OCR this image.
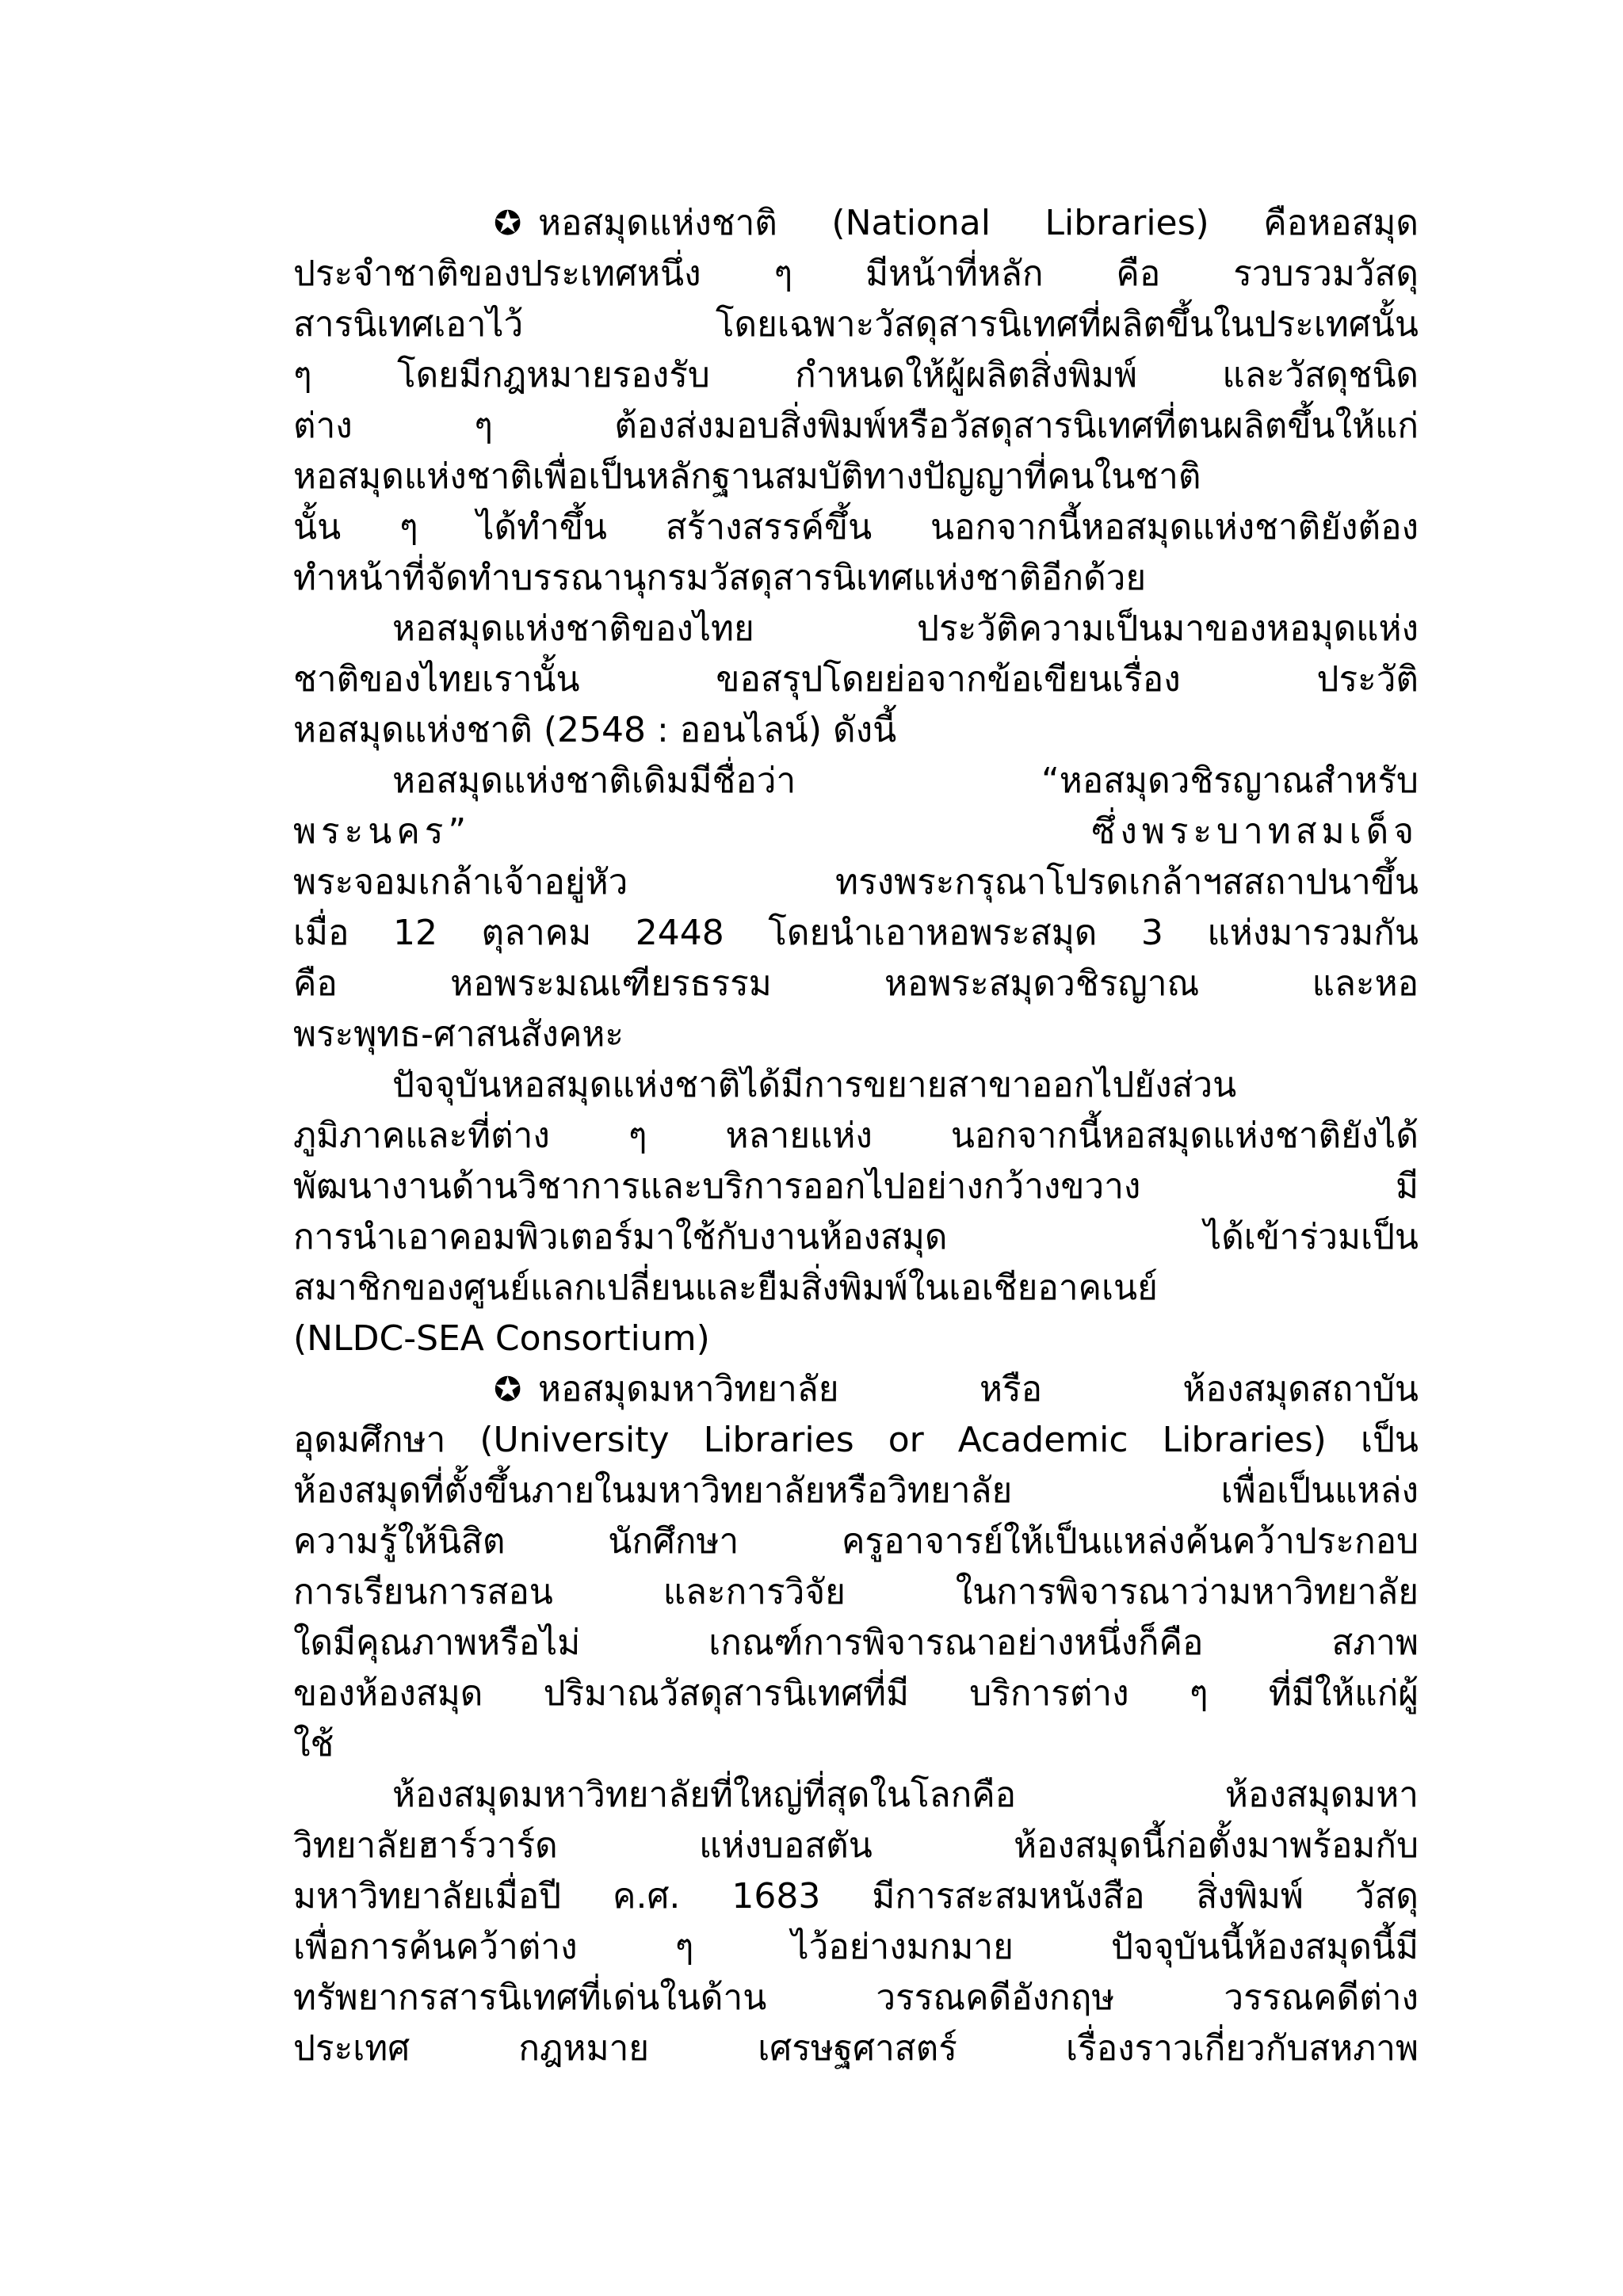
✪ หอสมุดแห่งชาติ (National Libraries) คือหอสมุด
ประจำชาติของประเทศหนึ่ง ๆ มีหน้าที่หลัก คือ รวบรวมวัสดุ
สารนิเทศเอาไว้ โดยเฉพาะวัสดุสารนิเทศที่ผลิตขึ้นในประเทศนั้น
ๆ โดยมีกฎหมายรองรับ กำหนดให้ผู้ผลิตสิ่งพิมพ์ และวัสดุชนิด
ต่าง ๆ ต้องส่งมอบสิ่งพิมพ์หรือวัสดุสารนิเทศที่ตนผลิตขึ้นให้แก่
หอสมุดแห่งชาติเพื่อเป็นหลักฐานสมบัติทางปัญญาที่คนในชาติ
นั้น ๆ ได้ทำขึ้น สร้างสรรค์ขึ้น นอกจากนี้หอสมุดแห่งชาติยังต้อง
ทำหน้าที่จัดทำบรรณานุกรมวัสดุสารนิเทศแห่งชาติอีกด้วย
หอสมุดแห่งชาติของไทย ประวัติความเป็นมาของหอมุดแห่ง
ชาติของไทยเรานั้น ขอสรุปโดยย่อจากข้อเขียนเรื่อง ประวัติ
หอสมุดแห่งชาติ (2548 : ออนไลน์) ดังนี้
หอสมุดแห่งชาติเดิมมีชื่อว่า “หอสมุดวชิรญาณสำหรับ
พระนคร” ซึ่งพระบาทสมเด็จ
พระจอมเกล้าเจ้าอยู่หัว ทรงพระกรุณาโปรดเกล้าฯสสถาปนาขึ้น
เมื่อ 12 ตุลาคม 2448 โดยนำเอาหอพระสมุด 3 แห่งมารวมกัน
คือ หอพระมณเฑียรธรรม หอพระสมุดวชิรญาณ และหอ
พระพุทธ-ศาสนสังคหะ
ปัจจุบันหอสมุดแห่งชาติได้มีการขยายสาขาออกไปยังส่วน
ภูมิภาคและที่ต่าง ๆ หลายแห่ง นอกจากนี้หอสมุดแห่งชาติยังได้
พัฒนางานด้านวิชาการและบริการออกไปอย่างกว้างขวาง มี
การนำเอาคอมพิวเตอร์มาใช้กับงานห้องสมุด ได้เข้าร่วมเป็น
สมาชิกของศูนย์แลกเปลี่ยนและยืมสิ่งพิมพ์ในเอเชียอาคเนย์
(NLDC-SEA Consortium)
✪ หอสมุดมหาวิทยาลัย หรือ ห้องสมุดสถาบัน
อุดมศึกษา (University Libraries or Academic Libraries) เป็น
ห้องสมุดที่ตั้งขึ้นภายในมหาวิทยาลัยหรือวิทยาลัย เพื่อเป็นแหล่ง
ความรู้ให้นิสิต นักศึกษา ครูอาจารย์ให้เป็นแหล่งค้นคว้าประกอบ
การเรียนการสอน และการวิจัย ในการพิจารณาว่ามหาวิทยาลัย
ใดมีคุณภาพหรือไม่ เกณฑ์การพิจารณาอย่างหนึ่งก็คือ สภาพ
ของห้องสมุด ปริมาณวัสดุสารนิเทศที่มี บริการต่าง ๆ ที่มีให้แก่ผู้
ใช้
ห้องสมุดมหาวิทยาลัยที่ใหญ่ที่สุดในโลกคือ ห้องสมุดมหา
วิทยาลัยฮาร์วาร์ด แห่งบอสตัน ห้องสมุดนี้ก่อตั้งมาพร้อมกับ
มหาวิทยาลัยเมื่อปี ค.ศ. 1683 มีการสะสมหนังสือ สิ่งพิมพ์ วัสดุ
เพื่อการค้นคว้าต่าง ๆ ไว้อย่างมกมาย ปัจจุบันนี้ห้องสมุดนี้มี
ทรัพยากรสารนิเทศที่เด่นในด้าน วรรณคดีอังกฤษ วรรณคดีต่าง
ประเทศ กฎหมาย เศรษฐศาสตร์ เรื่องราวเกี่ยวกับสหภาพ
